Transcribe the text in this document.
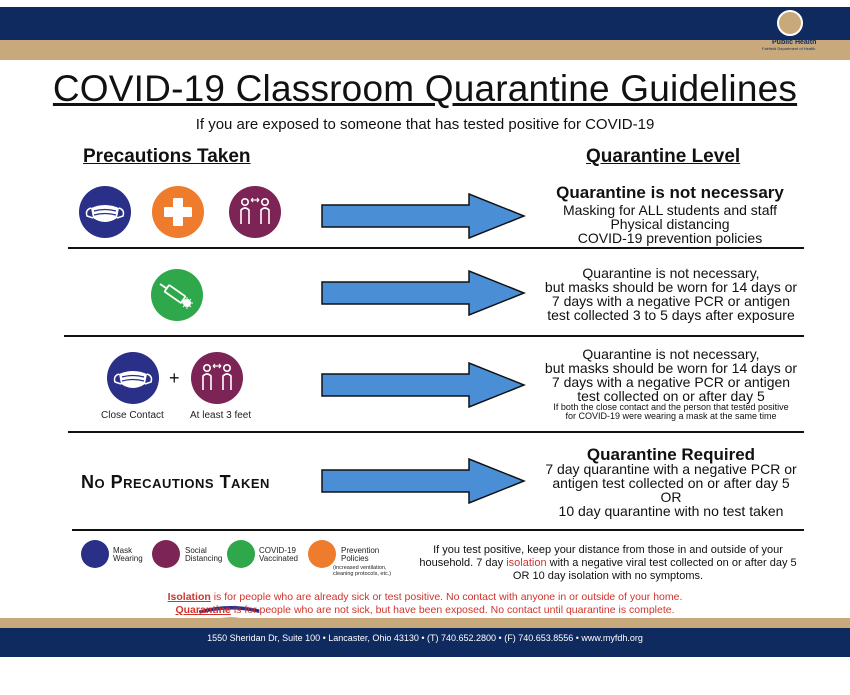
Public Health
Fairfield Department of Health
COVID-19 Classroom Quarantine Guidelines
If you are exposed to someone that has tested positive for COVID-19
Precautions Taken	Quarantine Level
Quarantine is not necessary
Masking for ALL students and staff
Physical distancing
COVID-19 prevention policies
Quarantine is not necessary,
but masks should be worn for 14 days or
7 days with a negative PCR or antigen
test collected 3 to 5 days after exposure
+
Close Contact	At least 3 feet
Quarantine is not necessary,
but masks should be worn for 14 days or
7 days with a negative PCR or antigen
test collected on or after day 5
If both the close contact and the person that tested positive
for COVID-19 were wearing a mask at the same time
No Precautions Taken
Quarantine Required
7 day quarantine with a negative PCR or
antigen test collected on or after day 5
OR
10 day quarantine with no test taken
Mask
Wearing
Social
Distancing
COVID-19
Vaccinated
Prevention
Policies
(increased ventilation,
cleaning protocols, etc.)
If you test positive, keep your distance from those in and outside of your household. 7 day isolation with a negative viral test collected on or after day 5 OR 10 day isolation with no symptoms.
Isolation is for people who are already sick or test positive. No contact with anyone in or outside of your home.
Quarantine is for people who are not sick, but have been exposed. No contact until quarantine is complete.
1550 Sheridan Dr, Suite 100 • Lancaster, Ohio 43130 • (T) 740.652.2800 • (F) 740.653.8556 • www.myfdh.org
